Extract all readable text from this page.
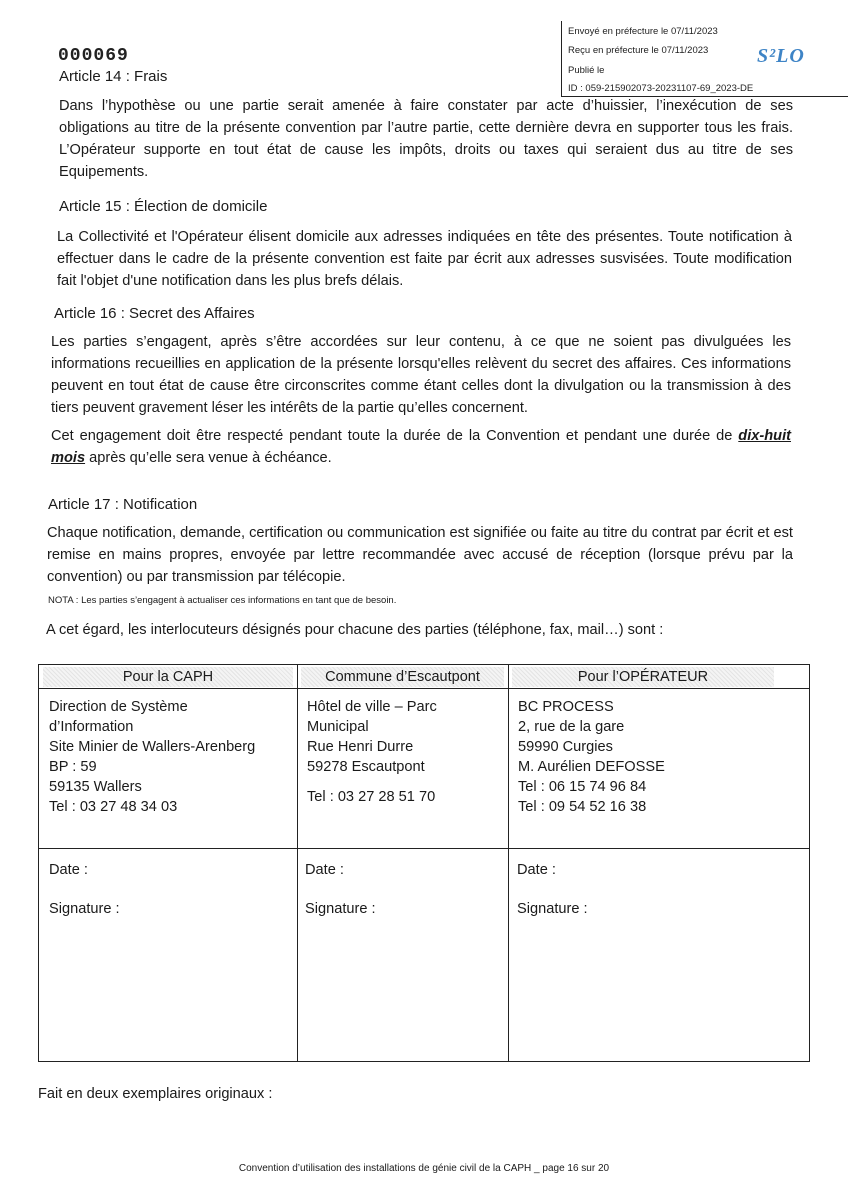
Envoyé en préfecture le 07/11/2023
Reçu en préfecture le 07/11/2023
Publié le
ID : 059-215902073-20231107-69_2023-DE
S²LO
000069
Article 14 : Frais
Dans l’hypothèse ou une partie serait amenée à faire constater par acte d’huissier, l’inexécution de ses obligations au titre de la présente convention par l’autre partie, cette dernière devra en supporter tous les frais. L’Opérateur supporte en tout état de cause les impôts, droits ou taxes qui seraient dus au titre de ses Equipements.
Article 15 : Élection de domicile
La Collectivité et l'Opérateur élisent domicile aux adresses indiquées en tête des présentes. Toute notification à effectuer dans le cadre de la présente convention est faite par écrit aux adresses susvisées. Toute modification fait l'objet d'une notification dans les plus brefs délais.
Article 16 : Secret des Affaires
Les parties s’engagent, après s’être accordées sur leur contenu, à ce que ne soient pas divulguées les informations recueillies en application de la présente lorsqu'elles relèvent du secret des affaires. Ces informations peuvent en tout état de cause être circonscrites comme étant celles dont la divulgation ou la transmission à des tiers peuvent gravement léser les intérêts de la partie qu’elles concernent.
Cet engagement doit être respecté pendant toute la durée de la Convention et pendant une durée de dix-huit mois après qu’elle sera venue à échéance.
Article 17 : Notification
Chaque notification, demande, certification ou communication est signifiée ou faite au titre du contrat par écrit et est remise en mains propres, envoyée par lettre recommandée avec accusé de réception (lorsque prévu par la convention) ou par transmission par télécopie.
NOTA : Les parties s’engagent à actualiser ces informations en tant que de besoin.
A cet égard, les interlocuteurs désignés pour chacune des parties (téléphone, fax, mail…) sont :
Pour la CAPH	Commune d’Escautpont	Pour l’OPÉRATEUR
Direction de Système
d’Information
Site Minier de Wallers-Arenberg
BP : 59
59135 Wallers
Tel : 03 27 48 34 03
Hôtel de ville – Parc
Municipal
Rue Henri Durre
59278 Escautpont
Tel : 03 27 28 51 70
BC PROCESS
2, rue de la gare
59990 Curgies
M. Aurélien DEFOSSE
Tel : 06 15 74 96 84
Tel : 09 54 52 16 38
Date :
Signature :
Date :
Signature :
Date :
Signature :
Fait en deux exemplaires originaux :
Convention d’utilisation des installations de génie civil de la CAPH _ page 16 sur 20
